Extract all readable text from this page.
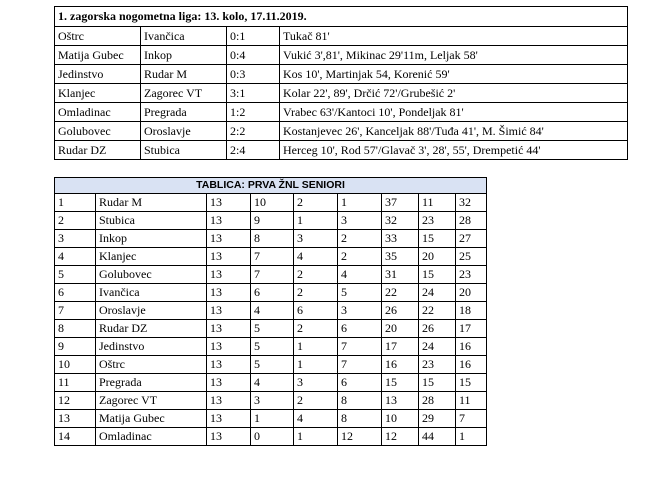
1. zagorska nogometna liga: 13. kolo, 17.11.2019.			
Oštrc	Ivančica	0:1	Tukač 81'
Matija Gubec	Inkop	0:4	Vukić 3',81', Mikinac 29'11m, Leljak 58'
Jedinstvo	Rudar M	0:3	Kos 10', Martinjak 54, Korenić 59'
Klanjec	Zagorec VT	3:1	Kolar 22', 89', Drčić 72'/Grubešić 2'
Omladinac	Pregrada	1:2	Vrabec 63'/Kantoci 10', Pondeljak 81'
Golubovec	Oroslavje	2:2	Kostanjevec 26', Kanceljak 88'/Tuđa 41', M. Šimić 84'
Rudar DZ	Stubica	2:4	Herceg 10', Rod 57'/Glavač 3', 28', 55', Drempetić 44'
TABLICA: PRVA ŽNL SENIORI								
1	Rudar M	13	10	2	1	37	11	32
2	Stubica	13	9	1	3	32	23	28
3	Inkop	13	8	3	2	33	15	27
4	Klanjec	13	7	4	2	35	20	25
5	Golubovec	13	7	2	4	31	15	23
6	Ivančica	13	6	2	5	22	24	20
7	Oroslavje	13	4	6	3	26	22	18
8	Rudar DZ	13	5	2	6	20	26	17
9	Jedinstvo	13	5	1	7	17	24	16
10	Oštrc	13	5	1	7	16	23	16
11	Pregrada	13	4	3	6	15	15	15
12	Zagorec VT	13	3	2	8	13	28	11
13	Matija Gubec	13	1	4	8	10	29	7
14	Omladinac	13	0	1	12	12	44	1
